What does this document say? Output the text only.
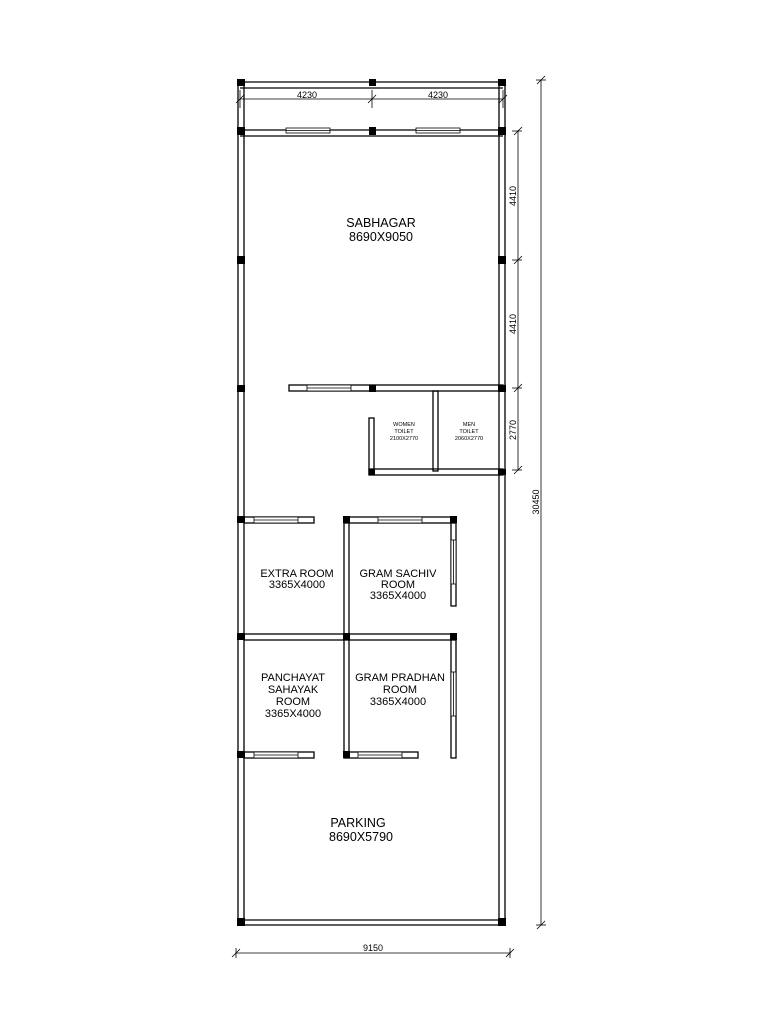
4230	4230
4410
4410
2770
30450
9150
SABHAGAR
8690X9050
WOMEN
TOILET
2100X2770
MEN
TOILET
2060X2770
EXTRA ROOM
3365X4000
GRAM SACHIV
ROOM
3365X4000
PANCHAYAT
SAHAYAK
ROOM
3365X4000
GRAM PRADHAN
ROOM
3365X4000
PARKING
8690X5790
